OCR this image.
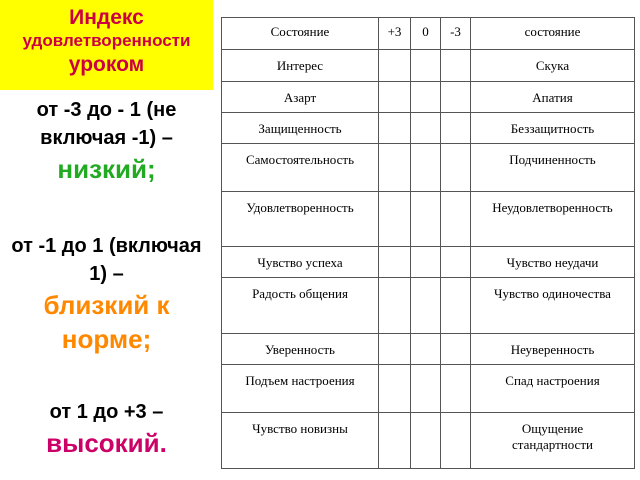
Индекс
удовлетворенности
уроком
от -3 до - 1 (не включая -1) –
низкий;
от -1 до 1 (включая 1) –
близкий к норме;
от 1 до +3 –
высокий.
Состояние	+3	0	-3	состояние
Интерес				Скука
Азарт				Апатия
Защищенность				Беззащитность
Самостоятельность				Подчиненность
Удовлетворенность				Неудовлетворенность
Чувство успеха				Чувство неудачи
Радость общения				Чувство одиночества
Уверенность				Неуверенность
Подъем настроения				Спад настроения
Чувство новизны				Ощущение стандартности
